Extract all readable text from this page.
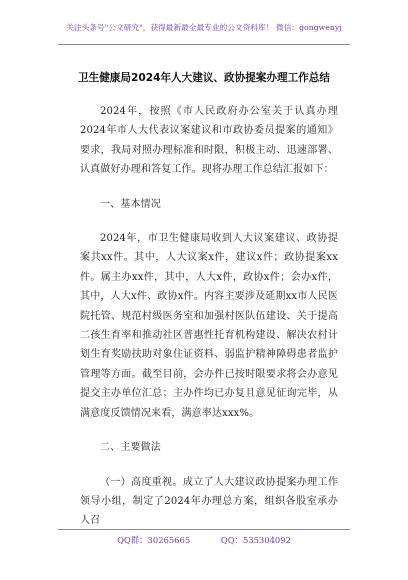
关注头条号"公文研究"，获得最新最全最专业的公文资料库！ 微信：gongwenyj
卫生健康局2024年人大建议、政协提案办理工作总结

2024年，按照《市人民政府办公室关于认真办理2024年市人大代表议案建议和市政协委员提案的通知》要求，我局对照办理标准和时限，积极主动、迅速部署、认真做好办理和答复工作。现将办理工作总结汇报如下：

一、基本情况

2024年，市卫生健康局收到人大议案建议、政协提案共xx件。其中，人大议案x件，建议x件；政协提案xx件。属主办xx件，其中，人大x件，政协x件；会办x件，其中，人大x件、政协x件。内容主要涉及延期xx市人民医院托管、规范村级医务室和加强村医队伍建设、关于提高二孩生育率和推动社区普惠性托育机构建设、解决农村计划生育奖励扶助对象住证资料、弱监护精神障碍患者监护管理等方面。截至目前，会办件已按时限要求将会办意见提交主办单位汇总；主办件均已办复且意见征询完毕，从满意度反馈情况来看，满意率达xxx%。

二、主要做法

（一）高度重视。成立了人大建议政协提案办理工作领导小组，制定了2024年办理总方案，组织各股室承办人召

QQ群：30265665	QQ：535304092
